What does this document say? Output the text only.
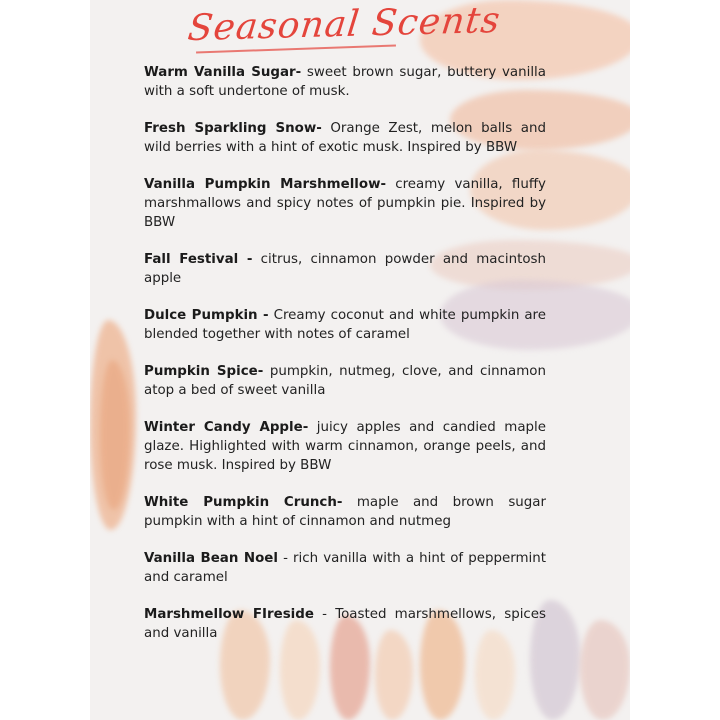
Seasonal Scents

Warm Vanilla Sugar- sweet brown sugar, buttery vanilla with a soft undertone of musk.

Fresh Sparkling Snow- Orange Zest, melon balls and wild berries with a hint of exotic musk. Inspired by BBW

Vanilla Pumpkin Marshmellow- creamy vanilla, fluffy marshmallows and spicy notes of pumpkin pie. Inspired by BBW

Fall Festival - citrus, cinnamon powder and macintosh apple

Dulce Pumpkin - Creamy coconut and white pumpkin are blended together with notes of caramel

Pumpkin Spice- pumpkin, nutmeg, clove, and cinnamon atop a bed of sweet vanilla

Winter Candy Apple- juicy apples and candied maple glaze. Highlighted with warm cinnamon, orange peels, and rose musk. Inspired by BBW

White Pumpkin Crunch- maple and brown sugar pumpkin with a hint of cinnamon and nutmeg

Vanilla Bean Noel - rich vanilla with a hint of peppermint and caramel

Marshmellow FIreside - Toasted marshmellows, spices and vanilla
